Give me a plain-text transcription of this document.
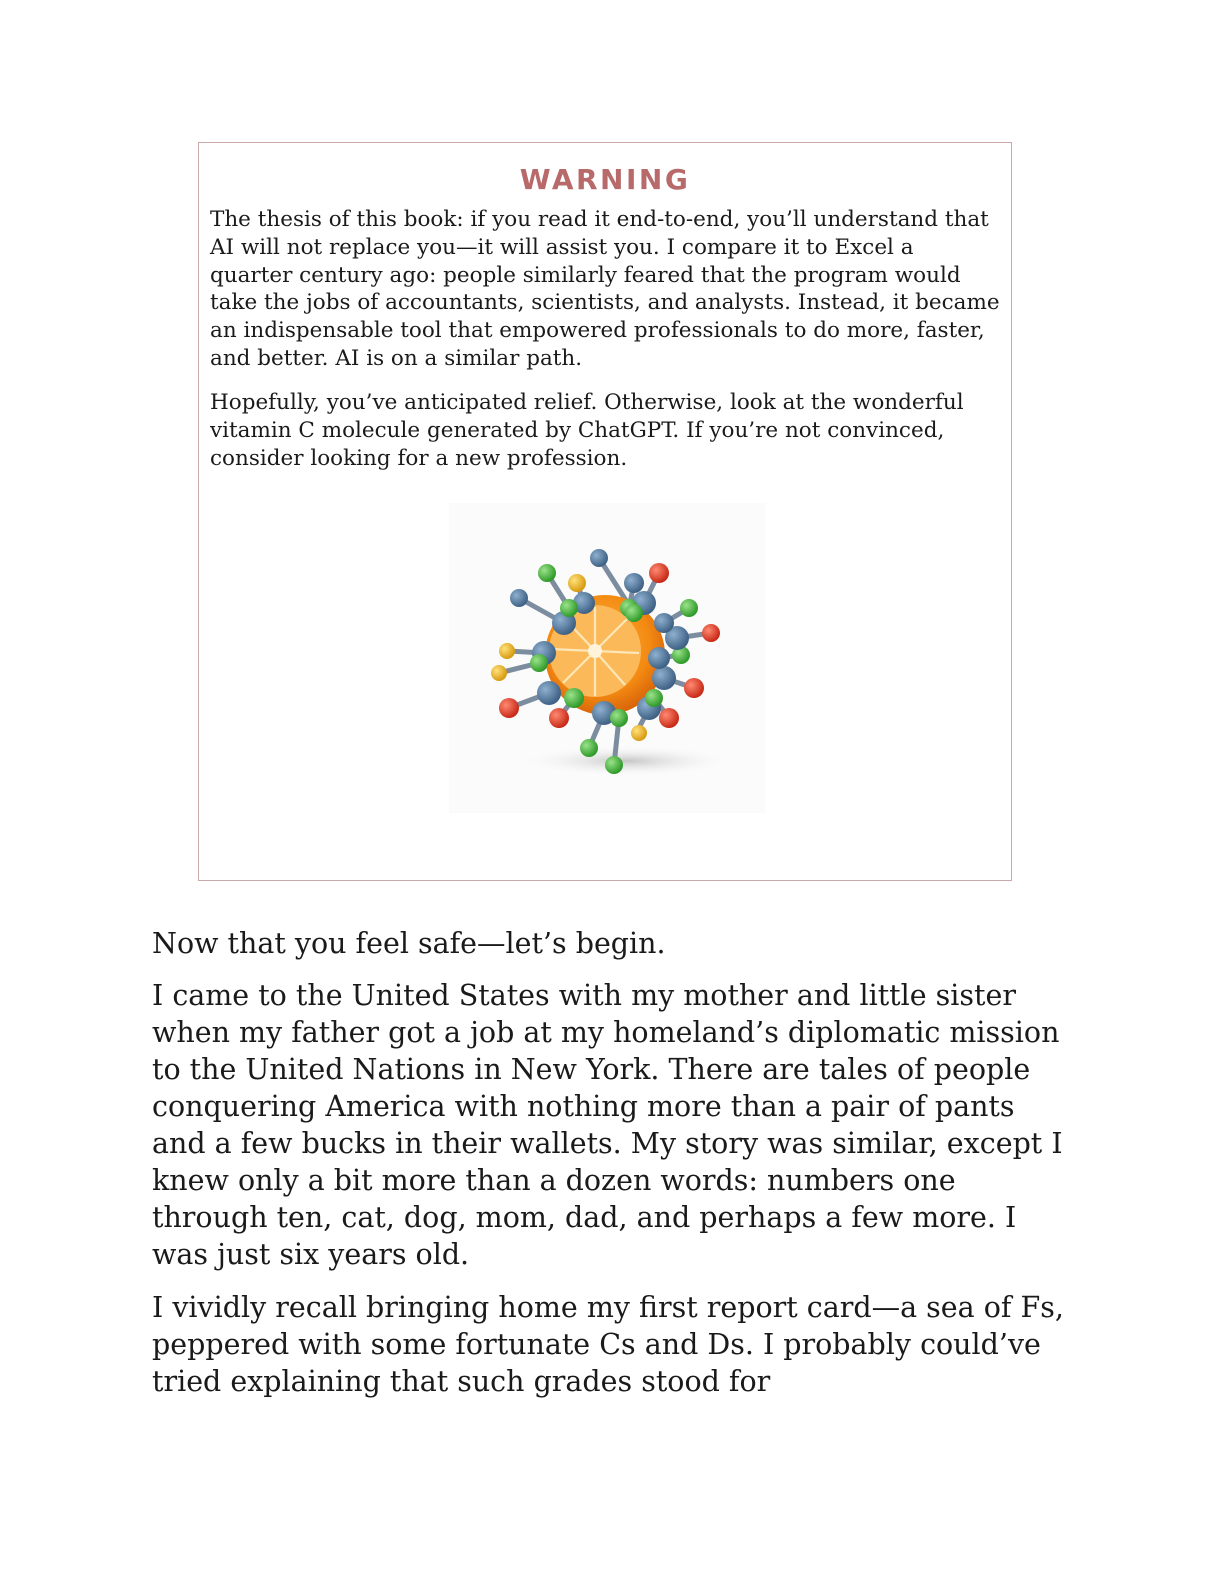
WARNING

The thesis of this book: if you read it end-to-end, you’ll understand that AI will not replace you—it will assist you. I compare it to Excel a quarter century ago: people similarly feared that the program would take the jobs of accountants, scientists, and analysts. Instead, it became an indispensable tool that empowered professionals to do more, faster, and better. AI is on a similar path.

Hopefully, you’ve anticipated relief. Otherwise, look at the wonderful vitamin C molecule generated by ChatGPT. If you’re not convinced, consider looking for a new profession.

Now that you feel safe—let’s begin.

I came to the United States with my mother and little sister when my father got a job at my homeland’s diplomatic mission to the United Nations in New York. There are tales of people conquering America with nothing more than a pair of pants and a few bucks in their wallets. My story was similar, except I knew only a bit more than a dozen words: numbers one through ten, cat, dog, mom, dad, and perhaps a few more. I was just six years old.

I vividly recall bringing home my first report card—a sea of Fs, peppered with some fortunate Cs and Ds. I probably could’ve tried explaining that such grades stood for
